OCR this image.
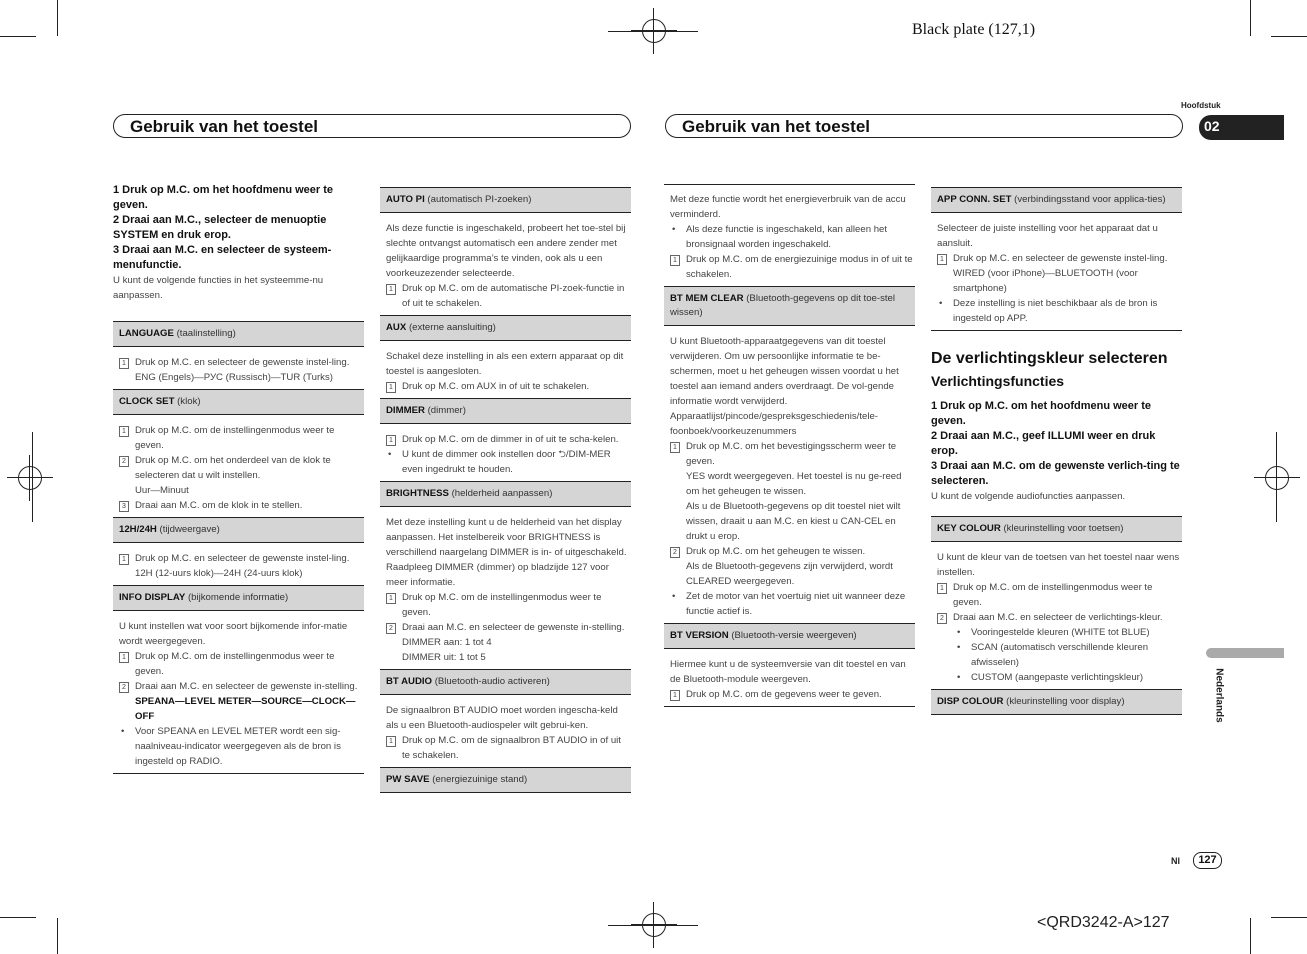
Black plate (127,1)
<QRD3242-A>127
Hoofdstuk
02
Nederlands
Nl	127
Gebruik van het toestel	Gebruik van het toestel

1 Druk op M.C. om het hoofdmenu weer te geven.

2 Draai aan M.C., selecteer de menuoptie SYSTEM en druk erop.

3 Draai aan M.C. en selecteer de systeem-menufunctie.

U kunt de volgende functies in het systeemme-nu aanpassen.

LANGUAGE (taalinstelling)
1 Druk op M.C. en selecteer de gewenste instel-ling.
ENG (Engels)—РУС (Russisch)—TUR (Turks)
CLOCK SET (klok)
1 Druk op M.C. om de instellingenmodus weer te geven.
2 Druk op M.C. om het onderdeel van de klok te selecteren dat u wilt instellen.
Uur—Minuut
3 Draai aan M.C. om de klok in te stellen.
12H/24H (tijdweergave)
1 Druk op M.C. en selecteer de gewenste instel-ling.
12H (12-uurs klok)—24H (24-uurs klok)
INFO DISPLAY (bijkomende informatie)
U kunt instellen wat voor soort bijkomende infor-matie wordt weergegeven.
1 Druk op M.C. om de instellingenmodus weer te geven.
2 Draai aan M.C. en selecteer de gewenste in-stelling.
SPEANA—LEVEL METER—SOURCE—CLOCK—OFF
• Voor SPEANA en LEVEL METER wordt een sig-naalniveau-indicator weergegeven als de bron is ingesteld op RADIO.
AUTO PI (automatisch PI-zoeken)
Als deze functie is ingeschakeld, probeert het toe-stel bij slechte ontvangst automatisch een andere zender met gelijkaardige programma’s te vinden, ook als u een voorkeuzezender selecteerde.
1 Druk op M.C. om de automatische PI-zoek-functie in of uit te schakelen.
AUX (externe aansluiting)
Schakel deze instelling in als een extern apparaat op dit toestel is aangesloten.
1 Druk op M.C. om AUX in of uit te schakelen.
DIMMER (dimmer)
1 Druk op M.C. om de dimmer in of uit te scha-kelen.
• U kunt de dimmer ook instellen door ⮌/DIM-MER even ingedrukt te houden.
BRIGHTNESS (helderheid aanpassen)
Met deze instelling kunt u de helderheid van het display aanpassen. Het instelbereik voor BRIGHTNESS is verschillend naargelang DIMMER is in- of uitgeschakeld. Raadpleeg DIMMER (dimmer) op bladzijde 127 voor meer informatie.
1 Druk op M.C. om de instellingenmodus weer te geven.
2 Draai aan M.C. en selecteer de gewenste in-stelling.
DIMMER aan: 1 tot 4
DIMMER uit: 1 tot 5
BT AUDIO (Bluetooth-audio activeren)
De signaalbron BT AUDIO moet worden ingescha-keld als u een Bluetooth-audiospeler wilt gebrui-ken.
1 Druk op M.C. om de signaalbron BT AUDIO in of uit te schakelen.
PW SAVE (energiezuinige stand)
Met deze functie wordt het energieverbruik van de accu verminderd.
• Als deze functie is ingeschakeld, kan alleen het bronsignaal worden ingeschakeld.
1 Druk op M.C. om de energiezuinige modus in of uit te schakelen.
BT MEM CLEAR (Bluetooth-gegevens op dit toe-stel wissen)
U kunt Bluetooth-apparaatgegevens van dit toestel verwijderen. Om uw persoonlijke informatie te be-schermen, moet u het geheugen wissen voordat u het toestel aan iemand anders overdraagt. De vol-gende informatie wordt verwijderd. Apparaatlijst/pincode/gespreksgeschiedenis/tele-foonboek/voorkeuzenummers
1 Druk op M.C. om het bevestigingsscherm weer te geven.
YES wordt weergegeven. Het toestel is nu ge-reed om het geheugen te wissen.
Als u de Bluetooth-gegevens op dit toestel niet wilt wissen, draait u aan M.C. en kiest u CAN-CEL en drukt u erop.
2 Druk op M.C. om het geheugen te wissen.
Als de Bluetooth-gegevens zijn verwijderd, wordt CLEARED weergegeven.
• Zet de motor van het voertuig niet uit wanneer deze functie actief is.
BT VERSION (Bluetooth-versie weergeven)
Hiermee kunt u de systeemversie van dit toestel en van de Bluetooth-module weergeven.
1 Druk op M.C. om de gegevens weer te geven.
APP CONN. SET (verbindingsstand voor applica-ties)
Selecteer de juiste instelling voor het apparaat dat u aansluit.
1 Druk op M.C. en selecteer de gewenste instel-ling.
WIRED (voor iPhone)—BLUETOOTH (voor smartphone)
• Deze instelling is niet beschikbaar als de bron is ingesteld op APP.
De verlichtingskleur selecteren
Verlichtingsfuncties

1 Druk op M.C. om het hoofdmenu weer te geven.

2 Draai aan M.C., geef ILLUMI weer en druk erop.

3 Draai aan M.C. om de gewenste verlich-ting te selecteren.

U kunt de volgende audiofuncties aanpassen.

KEY COLOUR (kleurinstelling voor toetsen)
U kunt de kleur van de toetsen van het toestel naar wens instellen.
1 Druk op M.C. om de instellingenmodus weer te geven.
2 Draai aan M.C. en selecteer de verlichtings-kleur.
• Vooringestelde kleuren (WHITE tot BLUE)
• SCAN (automatisch verschillende kleuren afwisselen)
• CUSTOM (aangepaste verlichtingskleur)
DISP COLOUR (kleurinstelling voor display)
